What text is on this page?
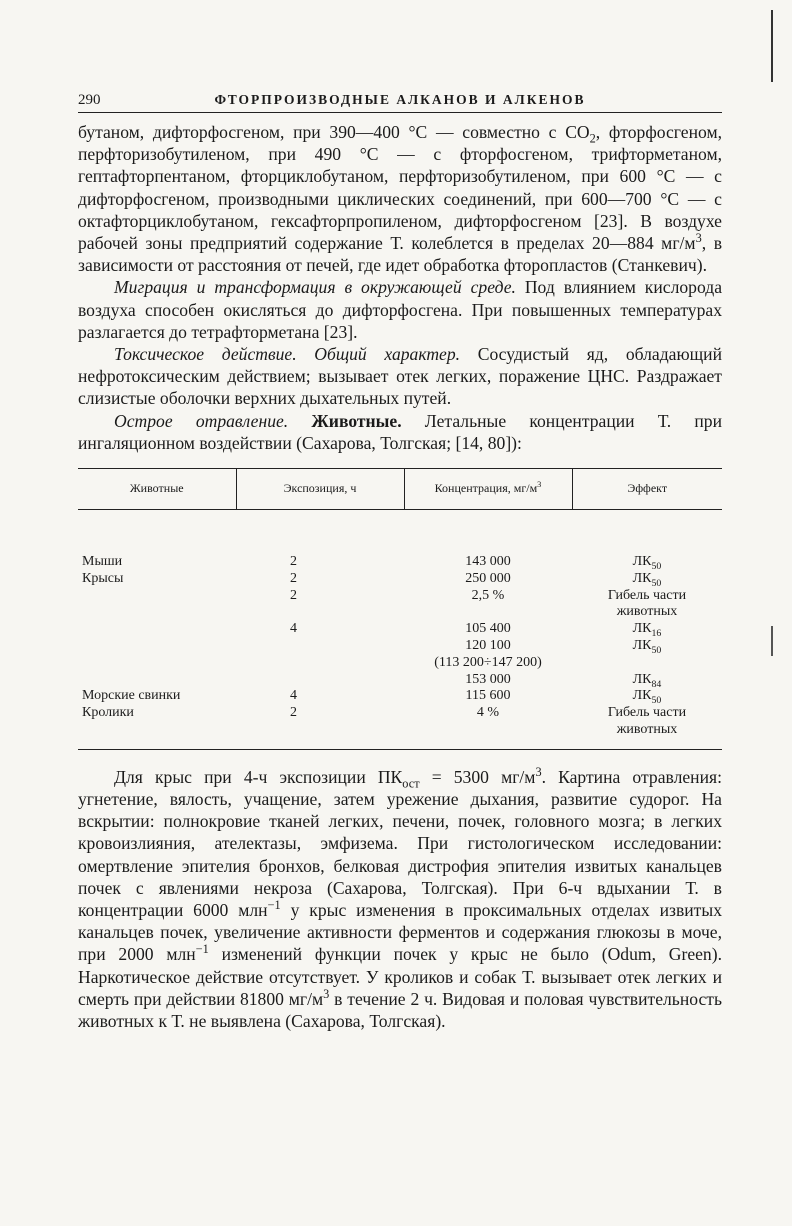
290	ФТОРПРОИЗВОДНЫЕ АЛКАНОВ И АЛКЕНОВ

бутаном, дифторфосгеном, при 390—400 °С — совместно с $СО_2$, фторфосгеном, перфторизобутиленом, при 490 °С — с фторфосгеном, трифторметаном, гептафторпентаном, фторциклобутаном, перфторизобутиленом, при 600 °С — с дифторфосгеном, производными циклических соединений, при 600—700 °С — с октафторциклобутаном, гексафторпропиленом, дифторфосгеном [23]. В воздухе рабочей зоны предприятий содержание Т. колеблется в пределах 20—884 $мг/м^3$, в зависимости от расстояния от печей, где идет обработка фторопластов (Станкевич).

Миграция и трансформация в окружающей среде. Под влиянием кислорода воздуха способен окисляться до дифторфосгена. При повышенных температурах разлагается до тетрафторметана [23].

Токсическое действие. Общий характер. Сосудистый яд, обладающий нефротоксическим действием; вызывает отек легких, поражение ЦНС. Раздражает слизистые оболочки верхних дыхательных путей.

Острое отравление. Животные. Летальные концентрации Т. при ингаляционном воздействии (Сахарова, Толгская; [14, 80]):

Животные	Экспозиция, ч	Концентрация, $мг/м^3$	Эффект
Мыши	2	143 000	$ЛК_{50}$
Крысы	2	250 000	$ЛК_{50}$
	2	2,5 %	Гибель части животных
	4	105 400	$ЛК_{16}$
		120 100	$ЛК_{50}$
		(113 200÷147 200)	
		153 000	$ЛК_{84}$
Морские свинки	4	115 600	$ЛК_{50}$
Кролики	2	4 %	Гибель части животных

Для крыс при 4-ч экспозиции $ПК_{ост} = 5300$ $мг/м^3$. Картина отравления: угнетение, вялость, учащение, затем урежение дыхания, развитие судорог. На вскрытии: полнокровие тканей легких, печени, почек, головного мозга; в легких кровоизлияния, ателектазы, эмфизема. При гистологическом исследовании: омертвление эпителия бронхов, белковая дистрофия эпителия извитых канальцев почек с явлениями некроза (Сахарова, Толгская). При 6-ч вдыхании Т. в концентрации 6000 млн$^{-1}$ у крыс изменения в проксимальных отделах извитых канальцев почек, увеличение активности ферментов и содержания глюкозы в моче, при 2000 млн$^{-1}$ изменений функции почек у крыс не было (Odum, Green). Наркотическое действие отсутствует. У кроликов и собак Т. вызывает отек легких и смерть при действии 81800 $мг/м^3$ в течение 2 ч. Видовая и половая чувствительность животных к Т. не выявлена (Сахарова, Толгская).
